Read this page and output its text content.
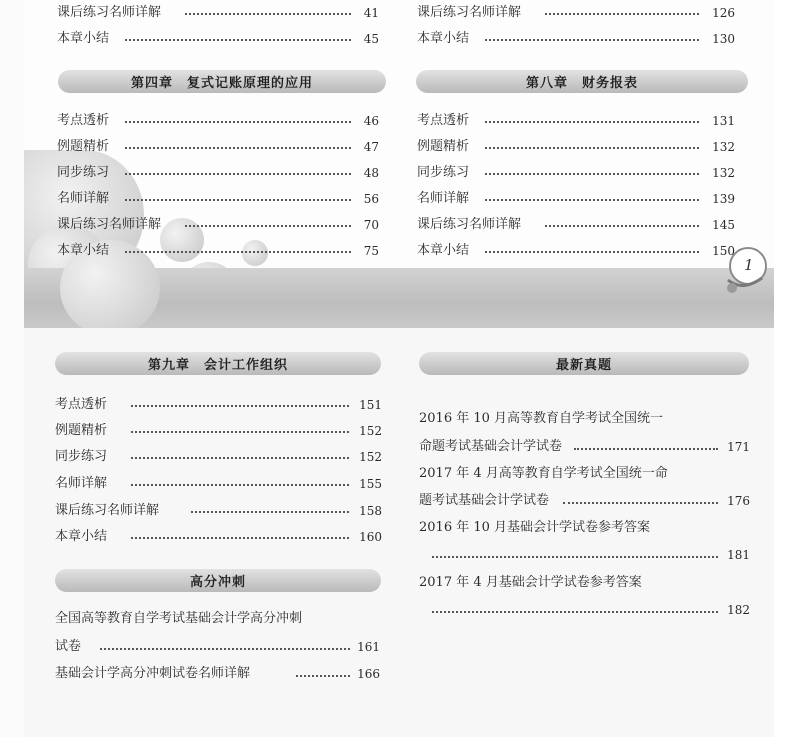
1
课后练习名师详解	41
本章小结	45
第四章　复式记账原理的应用
考点透析	46
例题精析	47
同步练习	48
名师详解	56
课后练习名师详解	70
本章小结	75
课后练习名师详解	126
本章小结	130
第八章　财务报表
考点透析	131
例题精析	132
同步练习	132
名师详解	139
课后练习名师详解	145
本章小结	150
第九章　会计工作组织
考点透析	151
例题精析	152
同步练习	152
名师详解	155
课后练习名师详解	158
本章小结	160
高分冲刺
全国高等教育自学考试基础会计学高分冲刺
试卷	161
基础会计学高分冲刺试卷名师详解	166
最新真题
2016 年 10 月高等教育自学考试全国统一
命题考试基础会计学试卷	171
2017 年 4 月高等教育自学考试全国统一命
题考试基础会计学试卷	176
2016 年 10 月基础会计学试卷参考答案
181
2017 年 4 月基础会计学试卷参考答案
182
